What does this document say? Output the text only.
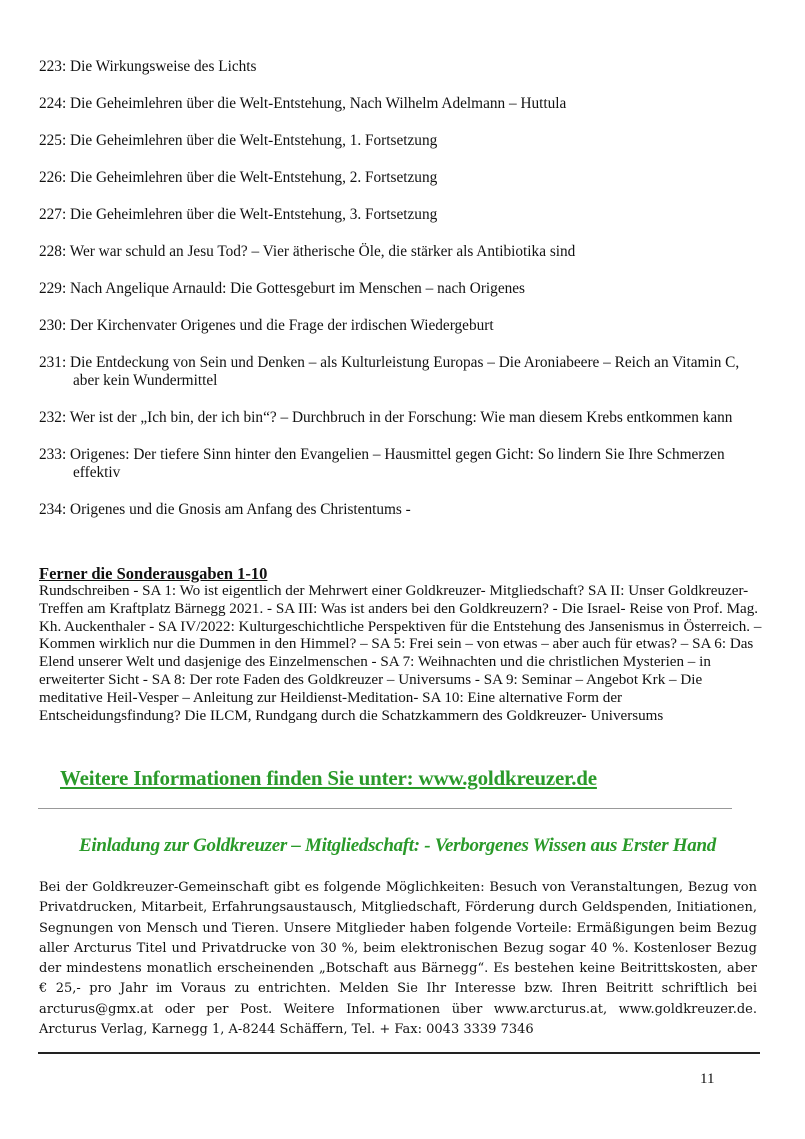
223: Die Wirkungsweise des Lichts
224: Die Geheimlehren über die Welt-Entstehung, Nach Wilhelm Adelmann – Huttula
225: Die Geheimlehren über die Welt-Entstehung, 1. Fortsetzung
226: Die Geheimlehren über die Welt-Entstehung, 2. Fortsetzung
227: Die Geheimlehren über die Welt-Entstehung, 3. Fortsetzung
228: Wer war schuld an Jesu Tod? – Vier ätherische Öle, die stärker als Antibiotika sind
229: Nach Angelique Arnauld: Die Gottesgeburt im Menschen – nach Origenes
230: Der Kirchenvater Origenes und die Frage der irdischen Wiedergeburt
231: Die Entdeckung von Sein und Denken – als Kulturleistung Europas – Die Aroniabeere – Reich an Vitamin C, aber kein Wundermittel
232: Wer ist der „Ich bin, der ich bin“? – Durchbruch in der Forschung: Wie man diesem Krebs entkommen kann
233: Origenes: Der tiefere Sinn hinter den Evangelien – Hausmittel gegen Gicht: So lindern Sie Ihre Schmerzen effektiv
234: Origenes und die Gnosis am Anfang des Christentums -
Ferner die Sonderausgaben 1-10

Rundschreiben - SA 1: Wo ist eigentlich der Mehrwert einer Goldkreuzer- Mitgliedschaft? SA II: Unser Goldkreuzer- Treffen am Kraftplatz Bärnegg 2021. - SA III: Was ist anders bei den Goldkreuzern? - Die Israel- Reise von Prof. Mag. Kh. Auckenthaler - SA IV/2022: Kulturgeschichtliche Perspektiven für die Entstehung des Jansenismus in Österreich. – Kommen wirklich nur die Dummen in den Himmel? – SA 5: Frei sein – von etwas – aber auch für etwas? – SA 6: Das Elend unserer Welt und dasjenige des Einzelmenschen - SA 7: Weihnachten und die christlichen Mysterien – in erweiterter Sicht - SA 8: Der rote Faden des Goldkreuzer – Universums - SA 9: Seminar – Angebot Krk – Die meditative Heil-Vesper – Anleitung zur Heildienst-Meditation- SA 10: Eine alternative Form der Entscheidungsfindung? Die ILCM, Rundgang durch die Schatzkammern des Goldkreuzer- Universums

Weitere Informationen finden Sie unter: www.goldkreuzer.de
Einladung zur Goldkreuzer – Mitgliedschaft: - Verborgenes Wissen aus Erster Hand
Bei der Goldkreuzer-Gemeinschaft gibt es folgende Möglichkeiten: Besuch von Veranstaltungen, Bezug von Privatdrucken, Mitarbeit, Erfahrungsaustausch, Mitgliedschaft, Förderung durch Geldspenden, Initiationen, Segnungen von Mensch und Tieren. Unsere Mitglieder haben folgende Vorteile: Ermäßigungen beim Bezug aller Arcturus Titel und Privatdrucke von 30 %, beim elektronischen Bezug sogar 40 %. Kostenloser Bezug der mindestens monatlich erscheinenden „Botschaft aus Bärnegg“. Es bestehen keine Beitrittskosten, aber € 25,- pro Jahr im Voraus zu entrichten. Melden Sie Ihr Interesse bzw. Ihren Beitritt schriftlich bei arcturus@gmx.at oder per Post. Weitere Informationen über www.arcturus.at, www.goldkreuzer.de. Arcturus Verlag, Karnegg 1, A-8244 Schäffern, Tel. + Fax: 0043 3339 7346
11
